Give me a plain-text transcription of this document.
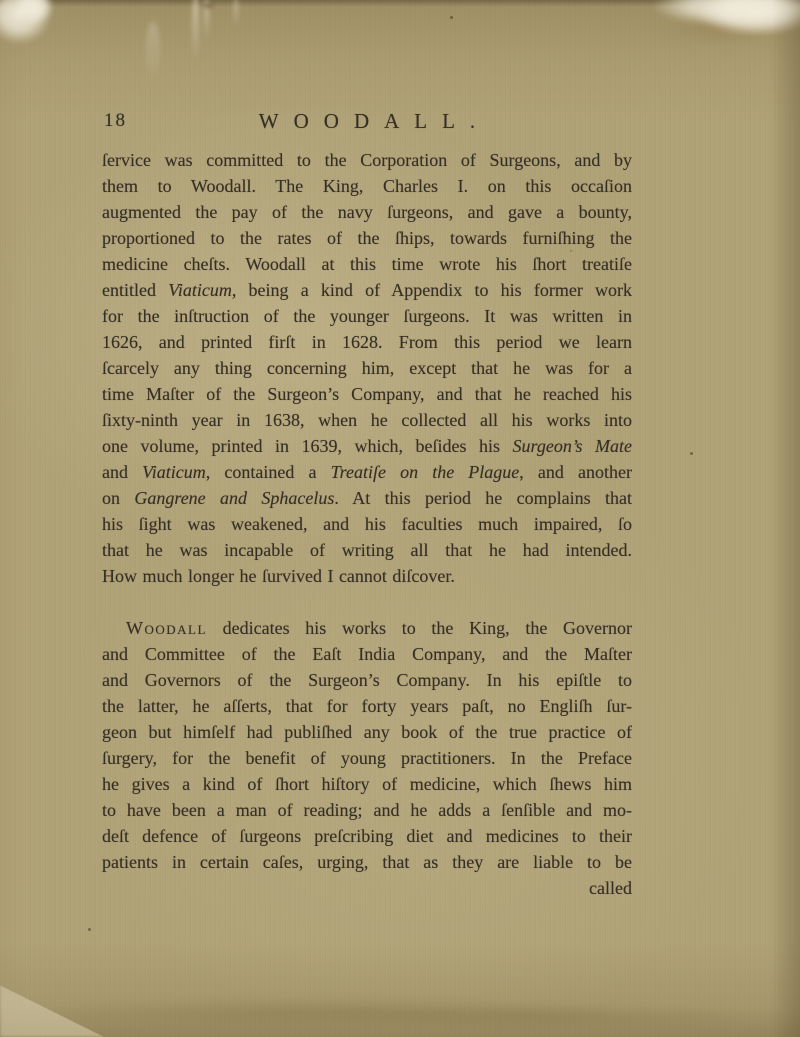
18	WOODALL.
ſervice was committed to the Corporation of Surgeons, and by
them to Woodall. The King, Charles I. on this occaſion
augmented the pay of the navy ſurgeons, and gave a bounty,
proportioned to the rates of the ſhips, towards furniſhing the
medicine cheſts. Woodall at this time wrote his ſhort treatiſe
entitled Viaticum, being a kind of Appendix to his former work
for the inſtruction of the younger ſurgeons. It was written in
1626, and printed firſt in 1628. From this period we learn
ſcarcely any thing concerning him, except that he was for a
time Maſter of the Surgeon’s Company, and that he reached his
ſixty-ninth year in 1638, when he collected all his works into
one volume, printed in 1639, which, beſides his Surgeon’s Mate
and Viaticum, contained a Treatiſe on the Plague, and another
on Gangrene and Sphacelus. At this period he complains that
his ſight was weakened, and his faculties much impaired, ſo
that he was incapable of writing all that he had intended.
How much longer he ſurvived I cannot diſcover.
Woodall dedicates his works to the King, the Governor
and Committee of the Eaſt India Company, and the Maſter
and Governors of the Surgeon’s Company. In his epiſtle to
the latter, he aſſerts, that for forty years paſt, no Engliſh ſur-
geon but himſelf had publiſhed any book of the true practice of
ſurgery, for the benefit of young practitioners. In the Preface
he gives a kind of ſhort hiſtory of medicine, which ſhews him
to have been a man of reading; and he adds a ſenſible and mo-
deſt defence of ſurgeons preſcribing diet and medicines to their
patients in certain caſes, urging, that as they are liable to be
called
